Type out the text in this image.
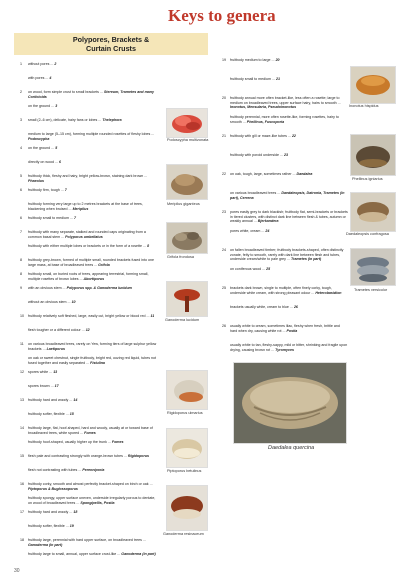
Keys to genera
Polypores, Brackets &
Curtain Crusts
1 without pores ... 2
with pores ... 4
2 on wood, form simple crust to small brackets ... Stereum, Trametes and many Corticioids
on the ground ... 3
3 small (2–6 cm), delicate, hairy fans or lobes ... Thelephora
medium to large (5–15 cm), forming multiple rounded rosettes of fleshy lobes ... Podoscypha
4 on the ground ... 5
directly on wood ... 6
5 fruitbody thick, fleshy and hairy, bright yellow-brown, staining dark brown ... Phaeolus
6 fruitbody firm, tough ... 7
fruitbody forming very large up to 2 metres brackets at the base of trees, blackening when bruised ... Meripilus
6 fruitbody small to medium ... 7
7 fruitbody with many separate, stalked and rounded caps originating from a common basal stem ... Polyporus umbellatus
fruitbody with either multiple lobes or brackets or in the form of a rosette ... 8
8 fruitbody grey-brown, formed of multiple small, rounded brackets fused into one large mass, at base of broadleaved trees ... Grifola
8 fruitbody small, on buried roots of trees, appearing terrestrial, forming small, multiple rosettes of brown lobes ... Abortiporus
9 with an obvious stem ... Polyporus spp. & Ganoderma lucidum
without an obvious stem ... 10
10 fruitbody relatively soft fleshed, large, easily cut, bright yellow or blood red ... 11
flesh tougher or a different colour ... 12
11 on various broadleaved trees, rarely on Yew, forming tiers of large sulphur yellow brackets ... Laetiporus
on oak or sweet chestnut, single fruitbody, bright red, oozing red liquid, tubes not fused together and easily separated ... Fistulina
12 spores white ... 13
spores brown ... 17
13 fruitbody hard and woody ... 14
fruitbody softer, flexible ... 15
14 fruitbody large, flat, hoof-shaped, hard and woody, usually at or toward base of broadleaved trees, white spored ... Fomes
fruitbody hoof-shaped, usually higher up the trunk ... Fomes
15 flesh pale and contrasting strongly with orange-brown tubes ... Rigidoporus
flesh not contrasting with tubes ... Perenniporia
16 fruitbody corky, smooth and almost perfectly bracket-shaped on birch or oak ... Piptoporus & Buglossoporus
fruitbody spongy, upper surface uneven, underside irregularly porous to dentate, on wood of broadleaved trees ... Spongipellis, Postia
17 fruitbody hard and woody ... 18
fruitbody softer, flexible ... 19
18 fruitbody large, perennial with hard upper surface, on broadleaved trees ... Ganoderma (in part)
fruitbody large to small, annual, upper surface crust-like ... Ganoderma (in part)
19 fruitbody medium to large ... 20
fruitbody small to medium ... 21
20 fruitbody annual more often bracket-like, less often a rosette; large to medium on broadleaved trees, upper surface hairy, hairs to smooth ... Inonotus, Mensularia, Pseudoinonotus
fruitbody perennial, more often rosette-like, forming rosettes, hairy to smooth ... Phellinus, Fuscoporia
21 fruitbody with gill or maze-like tubes ... 22
fruitbody with poroid underside ... 23
22 on oak, tough, large, sometimes rather ... Daedalea
on various broadleaved trees ... Daedaleopsis, Datronia, Trametes (in part), Cerrena
23 pores easily grey to dark blackish; fruitbody flat, semi-brackets or brackets in tiered clusters, with distinct dark line between flesh & tubes, autumn or weakly annual ... Bjerkandera
pores white, cream ... 24
24 on fallen broadleaved timber; fruitbody brackets-shaped, often distinctly zonate, felty to smooth, rarely with dark line between flesh and tubes, underside cream/white to pale grey ... Trametes (in part)
on coniferous wood ... 25
25 brackets dark brown, single to multiple, often finely corky, tough, underside white cream, with strong pleasant odour ... Heterobasidion
brackets usually white, cream to blue ... 26
26 usually white to cream, sometimes lilac, fleshy when fresh, brittle and hard when dry, causing white rot ... Postia
usually white to tan, fleshy-sappy, mild or bitter, shrinking and fragile upon drying, causing brown rot ... Tyromyces
Podoscypha multizonata
Meripilus giganteus
Grifola frondosa
Ganoderma lucidum
Rigidoporus ulmarius
Piptoporus betulinus
Ganoderma resinaceum
Inonotus hispidus
Phellinus igniarius
Daedaleopsis confragosa
Trametes versicolor
Daedalea quercina
30
